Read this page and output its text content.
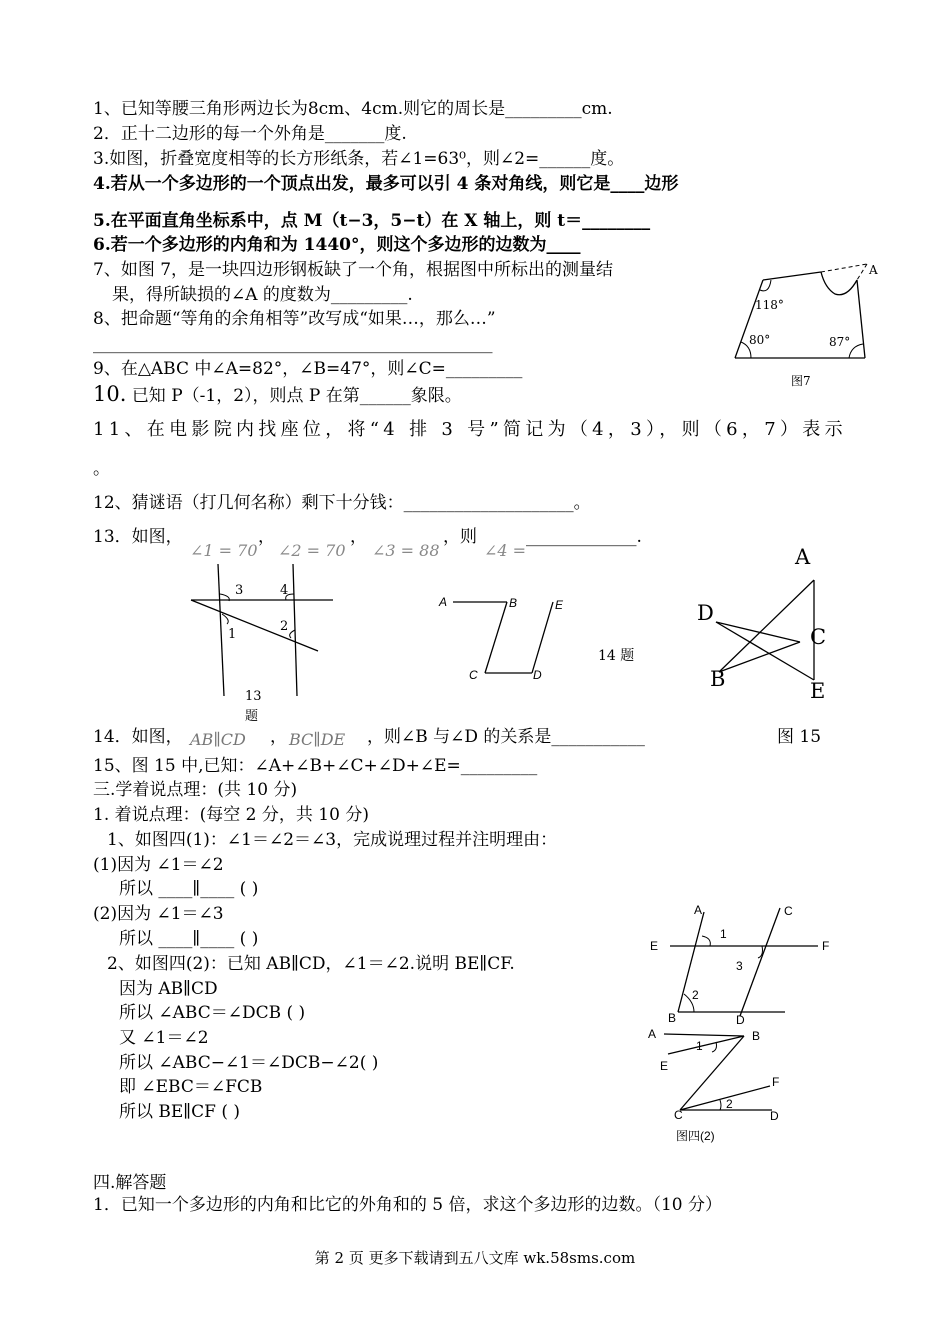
1、已知等腰三角形两边长为8cm、4cm.则它的周长是_________cm.
2．正十二边形的每一个外角是_______度.
3.如图，折叠宽度相等的长方形纸条，若∠1=63⁰，则∠2=______度。
4.若从一个多边形的一个顶点出发，最多可以引 4 条对角线，则它是____边形
5.在平面直角坐标系中，点 M（t−3，5−t）在 X 轴上，则 t＝________
6.若一个多边形的内角和为 1440°，则这个多边形的边数为____
7、如图 7，是一块四边形钢板缺了一个角，根据图中所标出的测量结
果，得所缺损的∠A 的度数为_________.
8、把命题“等角的余角相等”改写成“如果…，那么…”
_______________________________________________
9、在△ABC 中∠A=82°，∠B=47°，则∠C=_________
10. 已知 P（-1，2），则点 P 在第______象限。
11、在电影院内找座位，将“4 排 3 号”简记为（4，3），则（6，7）表示
。
12、猜谜语（打几何名称）剩下十分钱：____________________。
13．如图，
∠1 = 70
，
∠2 = 70
，
∠3 = 88
，则
∠4 =
_____________.
3	4
1
2
13
题
A	B	E
C	D
14 题
A
D
C
B	E
A
118°
80°	87°
图7
14．如图， AB∥CD ， BC∥DE ，则∠B 与∠D 的关系是___________	图 15
15、图 15 中,已知：∠A+∠B+∠C+∠D+∠E=_________
三.学着说点理：(共 10 分)
1. 着说点理：(每空 2 分，共 10 分)
1、如图四(1)：∠1＝∠2＝∠3，完成说理过程并注明理由：
(1)因为 ∠1＝∠2
所以 ____∥____ ( )
(2)因为 ∠1＝∠3
所以 ____∥____ ( )
2、如图四(2)：已知 AB∥CD，∠1＝∠2.说明 BE∥CF.
因为 AB∥CD
所以 ∠ABC＝∠DCB ( )
又 ∠1＝∠2
所以 ∠ABC−∠1＝∠DCB−∠2( )
即 ∠EBC＝∠FCB
所以 BE∥CF ( )
A	C
E	F
1
3
2
B	D
A	B
E
1
F
2
C	D
图四(2)
四.解答题
1．已知一个多边形的内角和比它的外角和的 5 倍，求这个多边形的边数。（10 分）
第 2 页 更多下载请到五八文库 wk.58sms.com
